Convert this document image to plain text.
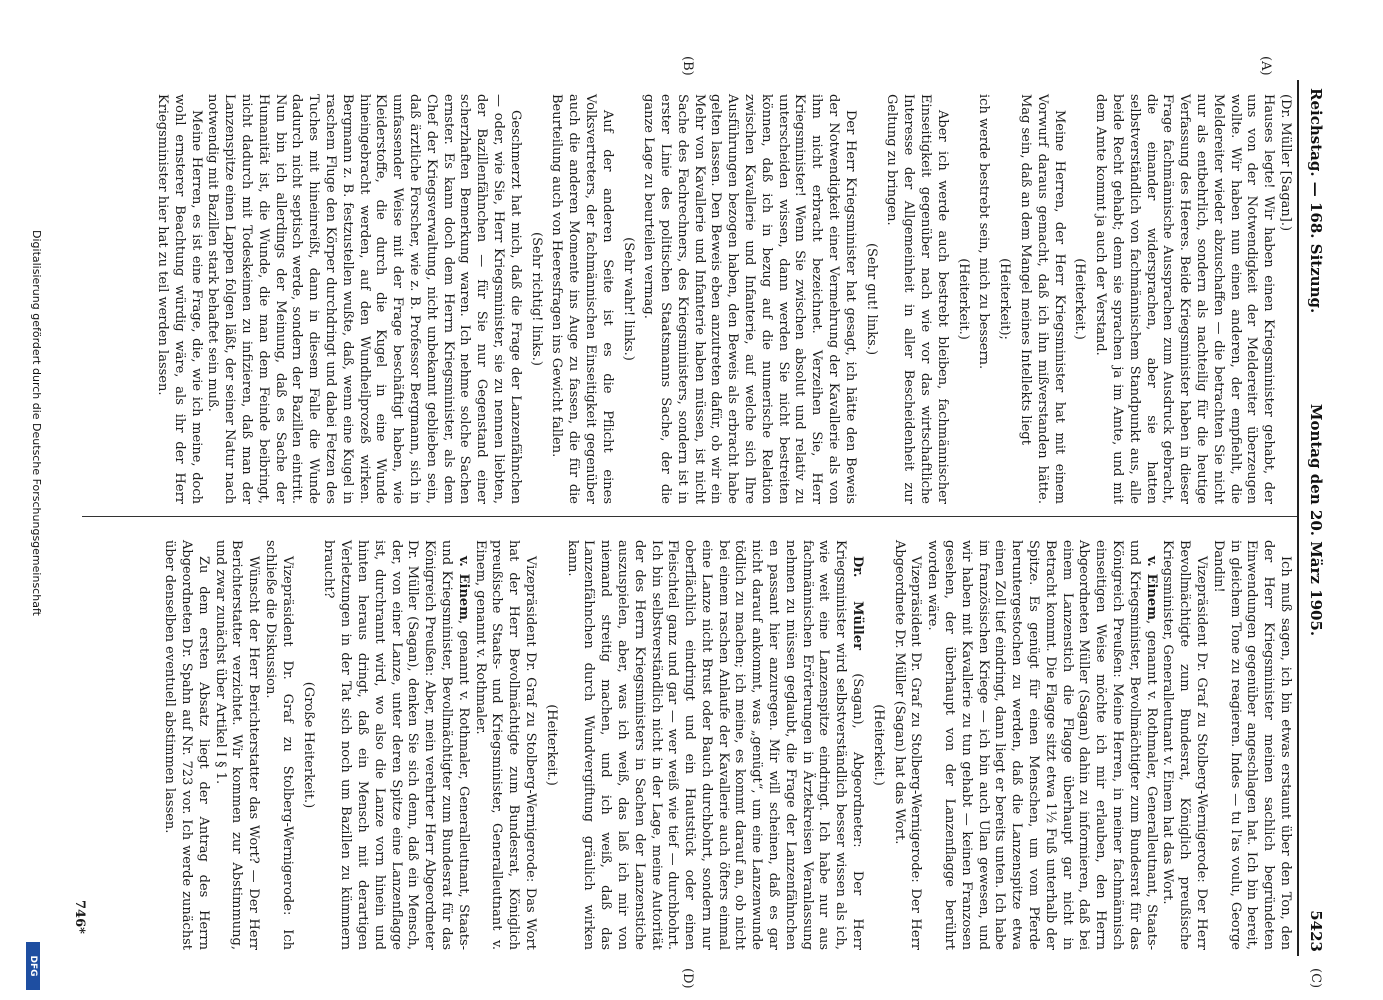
Reichstag. — 168. Sitzung.
Montag den 20. März 1905.
5423
(A)
(B)
(C)
(D)

(Dr. Müller [Sagan].)

Hauses legte! Wir haben einen Kriegsminister gehabt, der uns von der Notwendigkeit der Meldereiter überzeugen wollte. Wir haben nun einen anderen, der empfiehlt, die Meldereiter wieder abzuschaffen — die betrachten Sie nicht nur als entbehrlich, sondern als nachteilig für die heutige Verfassung des Heeres. Beide Kriegsminister haben in dieser Frage fachmännische Aussprachen zum Ausdruck gebracht, die einander widersprachen, aber sie hatten selbstverständlich von fachmännischem Standpunkt aus, alle beide Recht gehabt; denn sie sprachen ja im Amte, und mit dem Amte kommt ja auch der Verstand.

(Heiterkeit.)

Meine Herren, der Herr Kriegsminister hat mit einem Vorwurf daraus gemacht, daß ich ihn mißverstanden hätte. Mag sein, daß an dem Mangel meines Intellekts liegt

(Heiterkeit);

ich werde bestrebt sein, mich zu bessern.

(Heiterkeit.)

Aber ich werde auch bestrebt bleiben, fachmännischer Einseitigkeit gegenüber nach wie vor das wirtschaftliche Interesse der Allgemeinheit in aller Bescheidenheit zur Geltung zu bringen.

(Sehr gut! links.)

Der Herr Kriegsminister hat gesagt, ich hätte den Beweis der Notwendigkeit einer Vermehrung der Kavallerie als von ihm nicht erbracht bezeichnet. Verzeihen Sie, Herr Kriegsminister! Wenn Sie zwischen absolut und relativ zu unterscheiden wissen, dann werden Sie nicht bestreiten können, daß ich in bezug auf die numerische Relation zwischen Kavallerie und Infanterie, auf welche sich Ihre Ausführungen bezogen haben, den Beweis als erbracht habe gelten lassen. Den Beweis eben anzutreten dafür, ob wir ein Mehr von Kavallerie und Infanterie haben müssen, ist nicht Sache des Fachrechners, des Kriegsministers, sondern ist in erster Linie des politischen Staatsmanns Sache, der die ganze Lage zu beurteilen vermag.

(Sehr wahr! links.)

Auf der anderen Seite ist es die Pflicht eines Volksvertreters, der fachmännischen Einseitigkeit gegenüber auch die anderen Momente ins Auge zu fassen, die für die Beurteilung auch von Heeresfragen ins Gewicht fallen.

(Sehr richtig! links.)

Geschmerzt hat mich, daß die Frage der Lanzenfähnchen — oder, wie Sie, Herr Kriegsminister, sie zu nennen liebten, der Bazillenfähnchen — für Sie nur Gegenstand einer scherzhaften Bemerkung waren. Ich nehme solche Sachen ernster. Es kann doch dem Herrn Kriegsminister, als dem Chef der Kriegsverwaltung, nicht unbekannt geblieben sein, daß ärztliche Forscher, wie z. B. Professor Bergmann, sich in umfassender Weise mit der Frage beschäftigt haben, wie Kleiderstoffe, die durch die Kugel in eine Wunde hineingebracht werden, auf den Wundheilprozeß wirken. Bergmann z. B. festzustellen wußte, daß, wenn eine Kugel in raschem Fluge den Körper durchdringt und dabei Fetzen des Tuches mit hineinreißt, dann in diesem Falle die Wunde dadurch nicht septisch werde, sondern der Bazillen eintritt. Nun bin ich allerdings der Meinung, daß es Sache der Humanität ist, die Wunde, die man dem Feinde beibringt, nicht dadurch mit Todeskeimen zu infizieren, daß man der Lanzenspitze einen Lappen folgen läßt, der seiner Natur nach notwendig mit Bazillen stark behaftet sein muß.

Meine Herren, es ist eine Frage, die, wie ich meine, doch wohl ernsterer Beachtung würdig wäre, als ihr der Herr Kriegsminister hier hat zu teil werden lassen.

Ich muß sagen, ich bin etwas erstaunt über den Ton, den der Herr Kriegsminister meinen sachlich begründeten Einwendungen gegenüber angeschlagen hat. Ich bin bereit, in gleichem Tone zu reagieren. Indes — tu l'as voulu, George Dandin!

Vizepräsident Dr. Graf zu Stolberg-Wernigerode: Der Herr Bevollmächtigte zum Bundesrat, Königlich preußische Kriegsminister, Generalleutnant v. Einem hat das Wort.

v. Einem, genannt v. Rothmaler, Generalleutnant, Staats- und Kriegsminister, Bevollmächtigter zum Bundesrat für das Königreich Preußen: Meine Herren, in meiner fachmännisch einseitigen Weise möchte ich mir erlauben, den Herrn Abgeordneten Müller (Sagan) dahin zu informieren, daß bei einem Lanzenstich die Flagge überhaupt gar nicht in Betracht kommt. Die Flagge sitzt etwa 1½ Fuß unterhalb der Spitze. Es genügt für einen Menschen, um vom Pferde heruntergestochen zu werden, daß die Lanzenspitze etwa einen Zoll tief eindringt, dann liegt er bereits unten. Ich habe im französischen Kriege — ich bin auch Ulan gewesen, und wir haben mit Kavallerie zu tun gehabt — keinen Franzosen gesehen, der überhaupt von der Lanzenflagge berührt worden wäre.

Vizepräsident Dr. Graf zu Stolberg-Wernigerode: Der Herr Abgeordnete Dr. Müller (Sagan) hat das Wort.

(Heiterkeit.)

Dr. Müller (Sagan), Abgeordneter: Der Herr Kriegsminister wird selbstverständlich besser wissen als ich, wie weit eine Lanzenspitze eindringt. Ich habe nur aus fachmännischen Erörterungen in Ärztekreisen Veranlassung nehmen zu müssen geglaubt, die Frage der Lanzenfähnchen en passant hier anzuregen. Mir will scheinen, daß es gar nicht darauf ankommt, was „genügt“, um eine Lanzenwunde tödlich zu machen; ich meine, es kommt darauf an, ob nicht bei einem raschen Anlaufe der Kavallerie auch öfters einmal eine Lanze nicht Brust oder Bauch durchbohrt, sondern nur oberflächlich eindringt und ein Hautstück oder einen Fleischteil ganz und gar — wer weiß wie tief — durchbohrt. Ich bin selbstverständlich nicht in der Lage, meine Autorität der des Herrn Kriegsministers in Sachen der Lanzenstiche auszuspielen, aber, was ich weiß, das laß ich mir von niemand streitig machen, und ich weiß, daß das Lanzenfähnchen durch Wundvergiftung gräulich wirken kann.

(Heiterkeit.)

Vizepräsident Dr. Graf zu Stolberg-Wernigerode: Das Wort hat der Herr Bevollmächtigte zum Bundesrat, Königlich preußische Staats- und Kriegsminister, Generalleutnant v. Einem, genannt v. Rothmaler.

v. Einem, genannt v. Rothmaler, Generalleutnant, Staats- und Kriegsminister, Bevollmächtigter zum Bundesrat für das Königreich Preußen: Aber, mein verehrter Herr Abgeordneter Dr. Müller (Sagan), denken Sie sich denn, daß ein Mensch, der, von einer Lanze, unter deren Spitze eine Lanzenflagge ist, durchrannt wird, wo also die Lanze vorn hinein und hinten heraus dringt, daß ein Mensch mit derartigen Verletzungen in der Tat sich noch um Bazillen zu kümmern braucht?

(Große Heiterkeit.)

Vizepräsident Dr. Graf zu Stolberg-Wernigerode: Ich schließe die Diskussion.

Wünscht der Herr Berichterstatter das Wort? — Der Herr Berichterstatter verzichtet. Wir kommen zur Abstimmung, und zwar zunächst über Artikel I § 1.

Zu dem ersten Absatz liegt der Antrag des Herrn Abgeordneten Dr. Spahn auf Nr. 723 vor. Ich werde zunächst über denselben eventuell abstimmen lassen.

746*
Digitalisierung gefördert durch die Deutsche Forschungsgemeinschaft
DFG
